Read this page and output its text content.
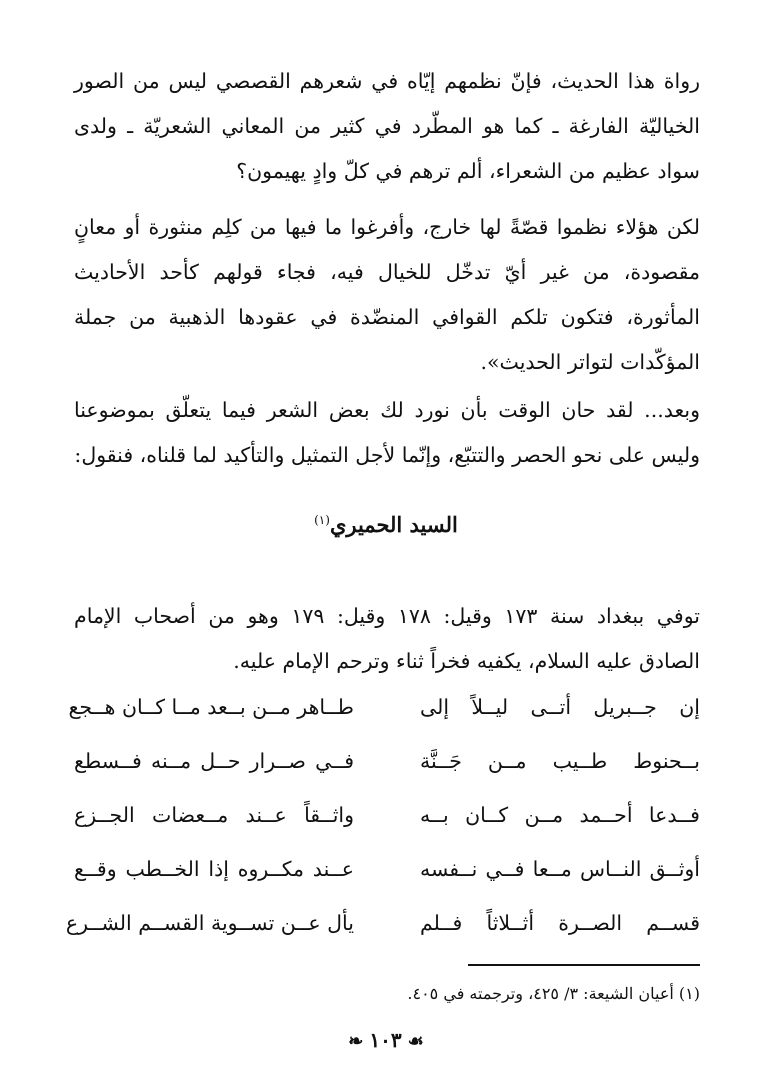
رواة هذا الحديث، فإنّ نظمهم إيّاه في شعرهم القصصي ليس من الصور الخياليّة الفارغة ـ كما هو المطّرد في كثير من المعاني الشعريّة ـ ولدى سواد عظيم من الشعراء، ألم ترهم في كلّ وادٍ يهيمون؟

لكن هؤلاء نظموا قصّةً لها خارج، وأفرغوا ما فيها من كلِم منثورة أو معانٍ مقصودة، من غير أيّ تدخّل للخيال فيه، فجاء قولهم كأحد الأحاديث المأثورة، فتكون تلكم القوافي المنضّدة في عقودها الذهبية من جملة المؤكّدات لتواتر الحديث».

وبعد... لقد حان الوقت بأن نورد لك بعض الشعر فيما يتعلّق بموضوعنا وليس على نحو الحصر والتتبّع، وإنّما لأجل التمثيل والتأكيد لما قلناه، فنقول:

السيد الحميري$^{(١)}$

توفي ببغداد سنة ١٧٣ وقيل: ١٧٨ وقيل: ١٧٩ وهو من أصحاب الإمام الصادق عليه السلام، يكفيه فخراً ثناء وترحم الإمام عليه.

إن جــبريل أتــى ليــلاً إلى
طــاهر مــن بــعد مــا كــان هــجع
بــحنوط طــيب مــن جَــنَّة
فــي صــرار حــل مــنه فــسطع
فــدعا أحــمد مــن كــان بــه
واثــقاً عــند مــعضات الجــزع
أوثــق النــاس مــعا فــي نــفسه
عــند مكــروه إذا الخــطب وقــع
قســم الصــرة أثــلاثاً فــلم
يأل عــن تســوية القســم الشــرع
(١) أعيان الشيعة: ٣/ ٤٢٥، وترجمته في ٤٠٥.
☙١٠٣❧
